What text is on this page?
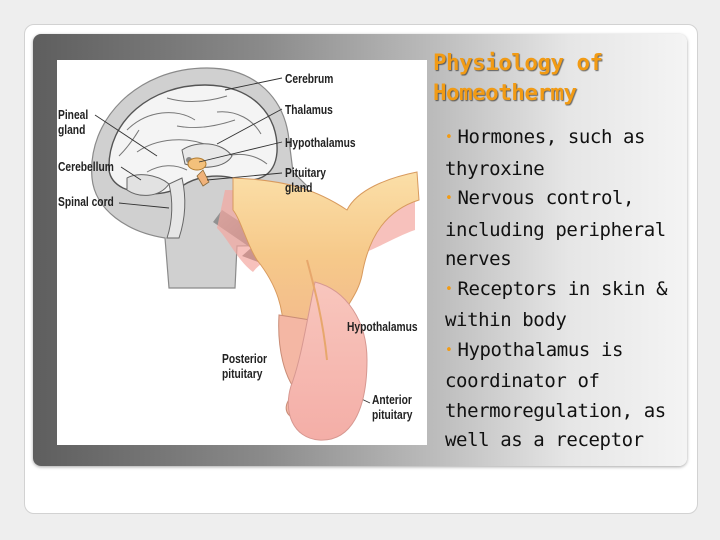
Cerebrum
Thalamus
Hypothalamus
Pituitary gland
Pineal gland
Cerebellum
Spinal cord
Hypothalamus
Posterior pituitary
Anterior pituitary
Physiology of Homeothermy
• Hormones, such as thyroxine
• Nervous control, including peripheral nerves
• Receptors in skin & within body
• Hypothalamus is coordinator of thermoregulation, as well as a receptor
